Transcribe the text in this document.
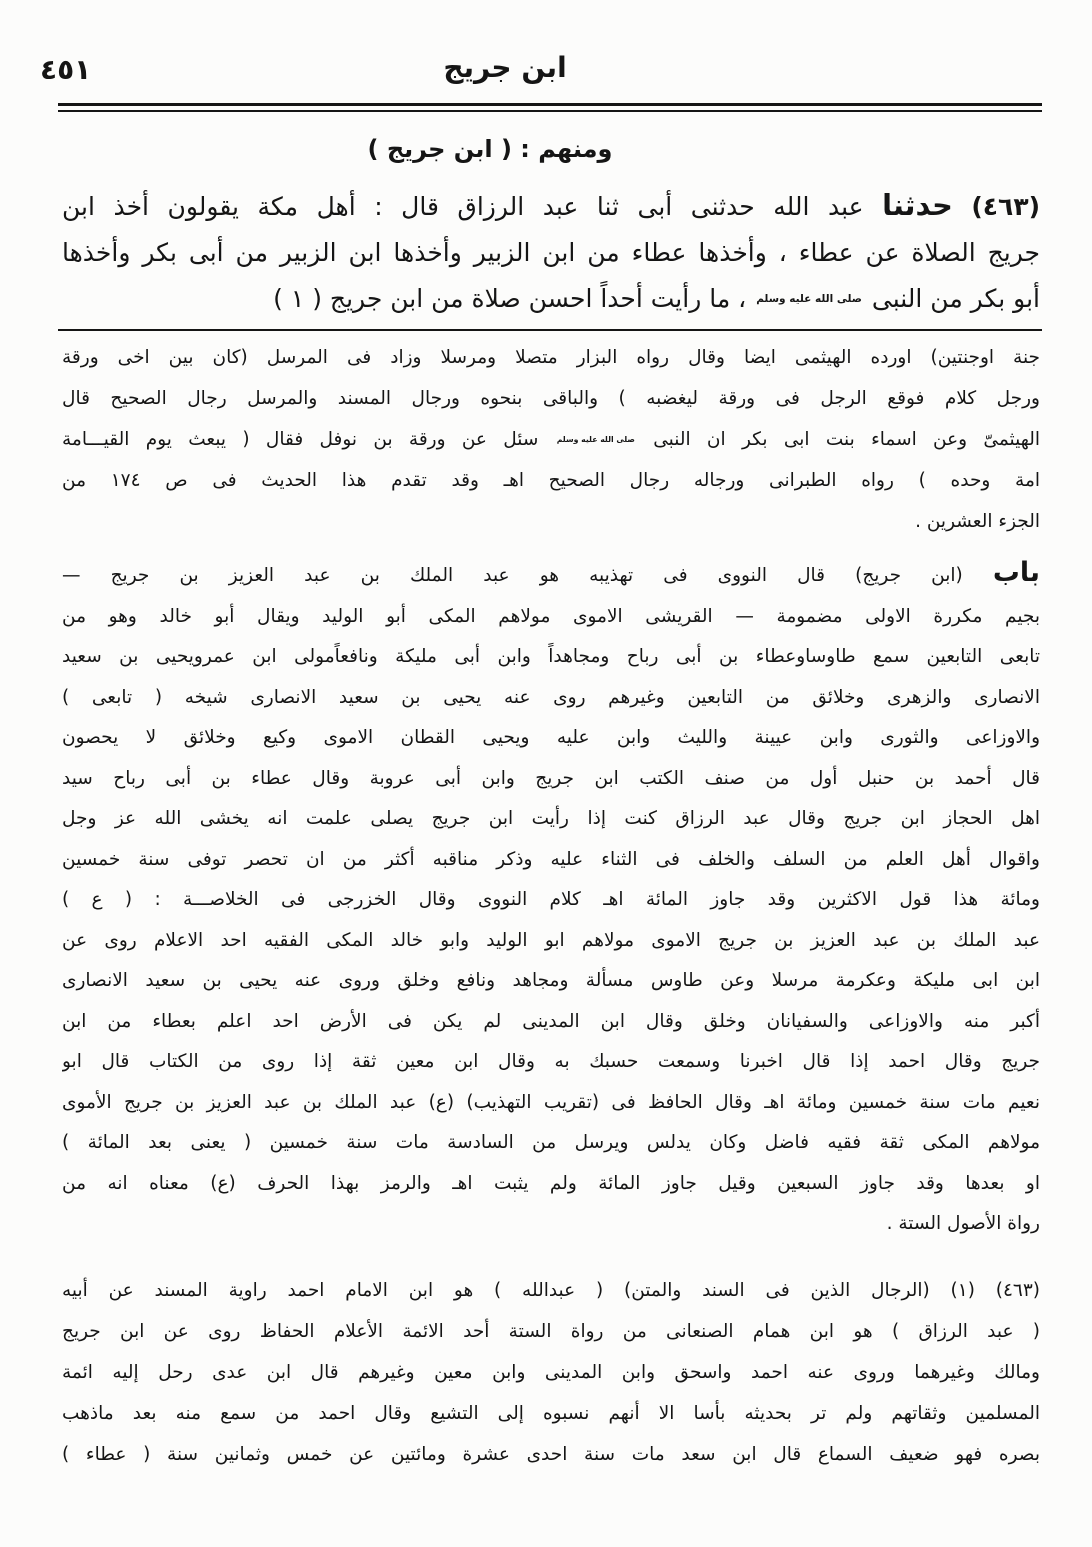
٤٥١	ابن جريج
ومنهم : ( ابن جريج )
(٤٦٣) حدثنا عبد الله حدثنى أبى ثنا عبد الرزاق قال : أهل مكة يقولون أخذ ابن
جريج الصلاة عن عطاء ، وأخذها عطاء من ابن الزبير وأخذها ابن الزبير من أبى بكر وأخذها
أبو بكر من النبى صلى الله عليه وسلم ، ما رأيت أحداً احسن صلاة من ابن جريج ( ١ )
جنة اوجنتين) اورده الهيثمى ايضا وقال رواه البزار متصلا ومرسلا وزاد فى المرسل (كان بين اخى ورقة
ورجل كلام فوقع الرجل فى ورقة ليغضبه ) والباقى بنحوه ورجال المسند والمرسل رجال الصحيح قال
الهيثمىّ وعن اسماء بنت ابى بكر ان النبى صلى الله عليه وسلم سئل عن ورقة بن نوفل فقال ( يبعث يوم القيـــامة
امة وحده ) رواه الطبرانى ورجاله رجال الصحيح اهـ وقد تقدم هذا الحديث فى ص ١٧٤ من
الجزء العشرين .
باب (ابن جريج) قال النووى فى تهذيبه هو عبد الملك بن عبد العزيز بن جريج —
بجيم مكررة الاولى مضمومة — القريشى الاموى مولاهم المكى أبو الوليد ويقال أبو خالد وهو من
تابعى التابعين سمع طاوساوعطاء بن أبى رباح ومجاهداً وابن أبى مليكة ونافعاًمولى ابن عمرويحيى بن سعيد
الانصارى والزهرى وخلائق من التابعين وغيرهم روى عنه يحيى بن سعيد الانصارى شيخه ( تابعى )
والاوزاعى والثورى وابن عيينة والليث وابن عليه ويحيى القطان الاموى وكيع وخلائق لا يحصون
قال أحمد بن حنبل أول من صنف الكتب ابن جريج وابن أبى عروبة وقال عطاء بن أبى رباح سيد
اهل الحجاز ابن جريج وقال عبد الرزاق كنت إذا رأيت ابن جريج يصلى علمت انه يخشى الله عز وجل
واقوال أهل العلم من السلف والخلف فى الثناء عليه وذكر مناقبه أكثر من ان تحصر توفى سنة خمسين
ومائة هذا قول الاكثرين وقد جاوز المائة اهـ كلام النووى وقال الخزرجى فى الخلاصـــة : ( ع )
عبد الملك بن عبد العزيز بن جريج الاموى مولاهم ابو الوليد وابو خالد المكى الفقيه احد الاعلام روى عن
ابن ابى مليكة وعكرمة مرسلا وعن طاوس مسألة ومجاهد ونافع وخلق وروى عنه يحيى بن سعيد الانصارى
أكبر منه والاوزاعى والسفيانان وخلق وقال ابن المدينى لم يكن فى الأرض احد اعلم بعطاء من ابن
جريج وقال احمد إذا قال اخبرنا وسمعت حسبك به وقال ابن معين ثقة إذا روى من الكتاب قال ابو
نعيم مات سنة خمسين ومائة اهـ وقال الحافظ فى (تقريب التهذيب) (ع) عبد الملك بن عبد العزيز بن جريج الأموى
مولاهم المكى ثقة فقيه فاضل وكان يدلس ويرسل من السادسة مات سنة خمسين ( يعنى بعد المائة )
او بعدها وقد جاوز السبعين وقيل جاوز المائة ولم يثبت اهـ والرمز بهذا الحرف (ع) معناه انه من
رواة الأصول الستة .
(٤٦٣) (١) (الرجال الذين فى السند والمتن) ( عبدالله ) هو ابن الامام احمد راوية المسند عن أبيه
( عبد الرزاق ) هو ابن همام الصنعانى من رواة الستة أحد الائمة الأعلام الحفاظ روى عن ابن جريج
ومالك وغيرهما وروى عنه احمد واسحق وابن المدينى وابن معين وغيرهم قال ابن عدى رحل إليه ائمة
المسلمين وثقاتهم ولم تر بحديثه بأسا الا أنهم نسبوه إلى التشيع وقال احمد من سمع منه بعد ماذهب
بصره فهو ضعيف السماع قال ابن سعد مات سنة احدى عشرة ومائتين عن خمس وثمانين سنة ( عطاء )
